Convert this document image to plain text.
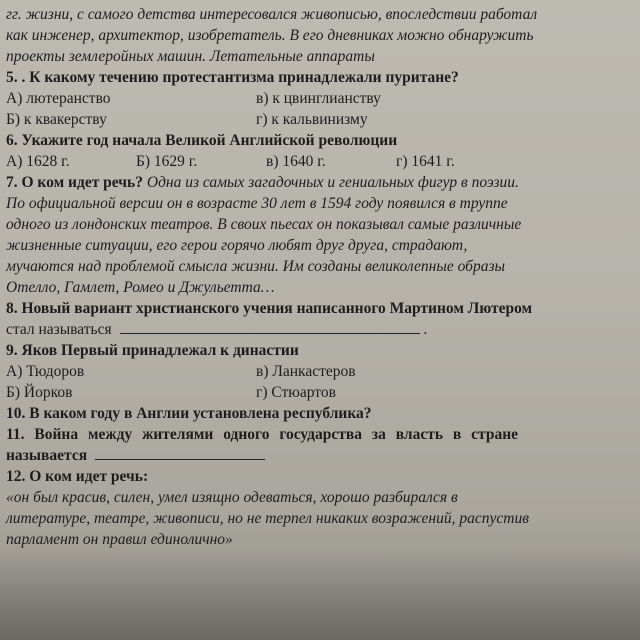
гг. жизни, с самого детства интересовался живописью, впоследствии работал
как инженер, архитектор, изобретатель. В его дневниках можно обнаружить
проекты землеройных машин. Летательные аппараты
5. . К какому течению протестантизма принадлежали пуритане?
А) лютеранство	в) к цвинглианству
Б) к квакерству	г) к кальвинизму
6. Укажите год начала Великой Английской революции
А) 1628 г.	Б) 1629 г.	в) 1640 г.	г) 1641 г.
7. О ком идет речь? Одна из самых загадочных и гениальных фигур в поэзии.
По официальной версии он в возрасте 30 лет в 1594 году появился в труппе
одного из лондонских театров. В своих пьесах он показывал самые различные
жизненные ситуации, его герои горячо любят друг друга, страдают,
мучаются над проблемой смысла жизни. Им созданы великолепные образы
Отелло, Гамлет, Ромео и Джульетта…
8. Новый вариант христианского учения написанного Мартином Лютером
стал называться	.
9. Яков Первый принадлежал к династии
А) Тюдоров	в) Ланкастеров
Б) Йорков	г) Стюартов
10. В каком году в Англии установлена республика?
11. Война между жителями одного государства за власть в стране
называется
12. О ком идет речь:
«он был красив, силен, умел изящно одеваться, хорошо разбирался в
литературе, театре, живописи, но не терпел никаких возражений, распустив
парламент он правил единолично»
